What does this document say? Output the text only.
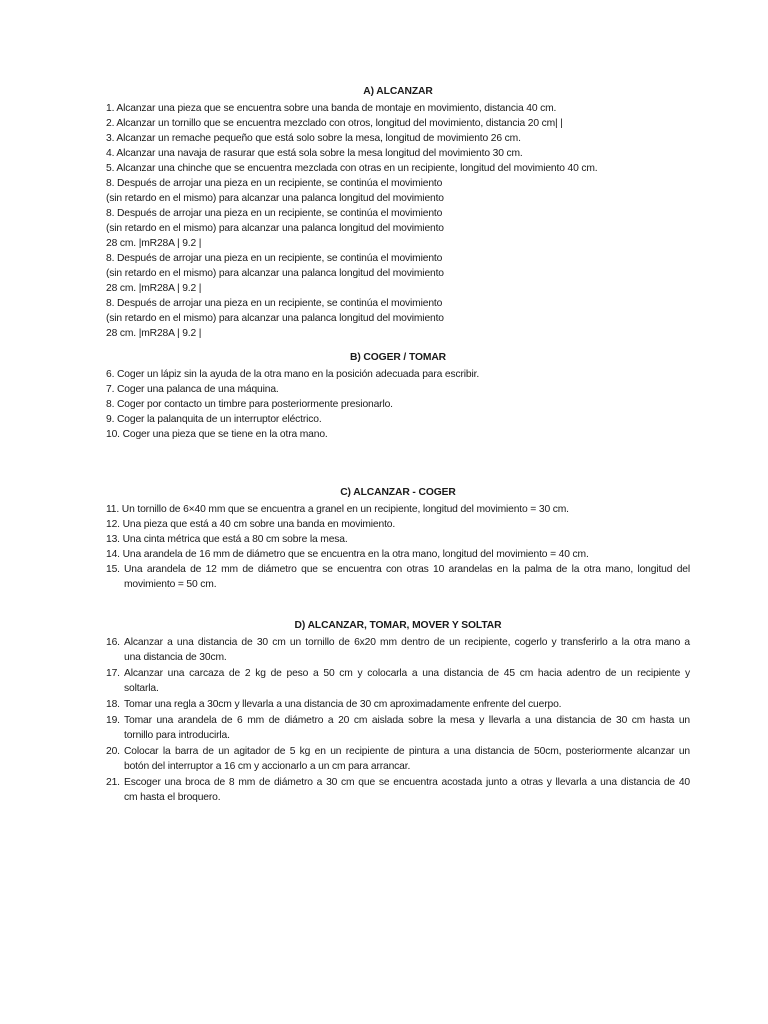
A) ALCANZAR
1. Alcanzar una pieza que se encuentra sobre una banda de montaje en movimiento, distancia 40 cm.
2. Alcanzar un tornillo que se encuentra mezclado con otros, longitud del movimiento, distancia 20 cm| |
3. Alcanzar un remache pequeño que está solo sobre la mesa, longitud de movimiento 26 cm.
4. Alcanzar una navaja de rasurar que está sola sobre la mesa longitud del movimiento 30 cm.
5. Alcanzar una chinche que se encuentra mezclada con otras en un recipiente, longitud del movimiento 40 cm.
8. Después de arrojar una pieza en un recipiente, se continúa el movimiento
(sin retardo en el mismo) para alcanzar una palanca longitud del movimiento
8. Después de arrojar una pieza en un recipiente, se continúa el movimiento
(sin retardo en el mismo) para alcanzar una palanca longitud del movimiento
28 cm. |mR28A | 9.2 |
8. Después de arrojar una pieza en un recipiente, se continúa el movimiento
(sin retardo en el mismo) para alcanzar una palanca longitud del movimiento
28 cm. |mR28A | 9.2 |
8. Después de arrojar una pieza en un recipiente, se continúa el movimiento
(sin retardo en el mismo) para alcanzar una palanca longitud del movimiento
28 cm. |mR28A | 9.2 |
B) COGER / TOMAR
6. Coger un lápiz sin la ayuda de la otra mano en la posición adecuada para escribir.
7. Coger una palanca de una máquina.
8. Coger por contacto un timbre para posteriormente presionarlo.
9. Coger la palanquita de un interruptor eléctrico.
10. Coger una pieza que se tiene en la otra mano.
C) ALCANZAR - COGER
11. Un tornillo de 6×40 mm que se encuentra a granel en un recipiente, longitud del movimiento = 30 cm.
12. Una pieza que está a 40 cm sobre una banda en movimiento.
13. Una cinta métrica que está a 80 cm sobre la mesa.
14. Una arandela de 16 mm de diámetro que se encuentra en la otra mano, longitud del movimiento = 40 cm.
15. Una arandela de 12 mm de diámetro que se encuentra con otras 10 arandelas en la palma de la otra mano, longitud del
movimiento = 50 cm.
D) ALCANZAR, TOMAR, MOVER Y SOLTAR
16. Alcanzar a una distancia de 30 cm un tornillo de 6x20 mm dentro de un recipiente, cogerlo y transferirlo a la otra mano a
una distancia de 30cm.
17. Alcanzar una carcaza de 2 kg de peso a 50 cm y colocarla a una distancia de 45 cm hacia adentro de un recipiente y
soltarla.
18. Tomar una regla a 30cm y llevarla a una distancia de 30 cm aproximadamente enfrente del cuerpo.
19. Tomar una arandela de 6 mm de diámetro a 20 cm aislada sobre la mesa y llevarla a una distancia de 30 cm hasta un
tornillo para introducirla.
20. Colocar la barra de un agitador de 5 kg en un recipiente de pintura a una distancia de 50cm, posteriormente alcanzar un
botón del interruptor a 16 cm y accionarlo a un cm para arrancar.
21. Escoger una broca de 8 mm de diámetro a 30 cm que se encuentra acostada junto a otras y llevarla a una distancia de 40
cm hasta el broquero.
